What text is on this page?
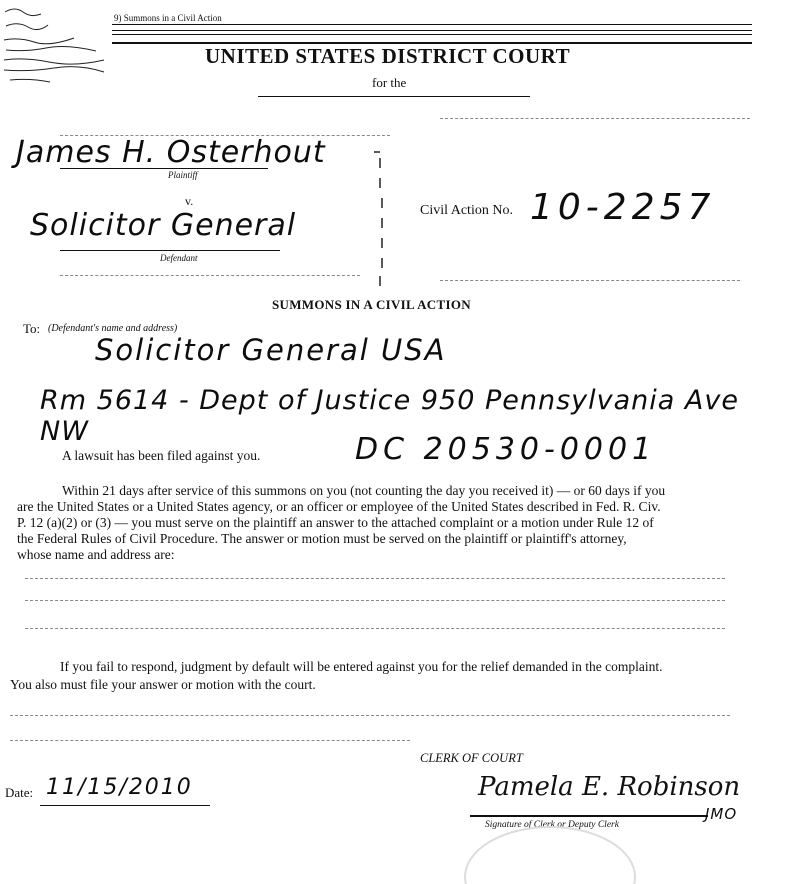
9) Summons in a Civil Action
UNITED STATES DISTRICT COURT
for the
James H. Osterhout
Plaintiff
v.
Solicitor General
Defendant
Civil Action No. 10-2257
SUMMONS IN A CIVIL ACTION
To: (Defendant's name and address)
Solicitor General USA
Rm 5614 - Dept of Justice 950 Pennsylvania Ave NW
DC 20530-0001
A lawsuit has been filed against you.
Within 21 days after service of this summons on you (not counting the day you received it) — or 60 days if you
are the United States or a United States agency, or an officer or employee of the United States described in Fed. R. Civ.
P. 12 (a)(2) or (3) — you must serve on the plaintiff an answer to the attached complaint or a motion under Rule 12 of
the Federal Rules of Civil Procedure. The answer or motion must be served on the plaintiff or plaintiff's attorney,
whose name and address are:
If you fail to respond, judgment by default will be entered against you for the relief demanded in the complaint.
You also must file your answer or motion with the court.
CLERK OF COURT
Pamela E. Robinson
JMO
Signature of Clerk or Deputy Clerk
Date: 11/15/2010
